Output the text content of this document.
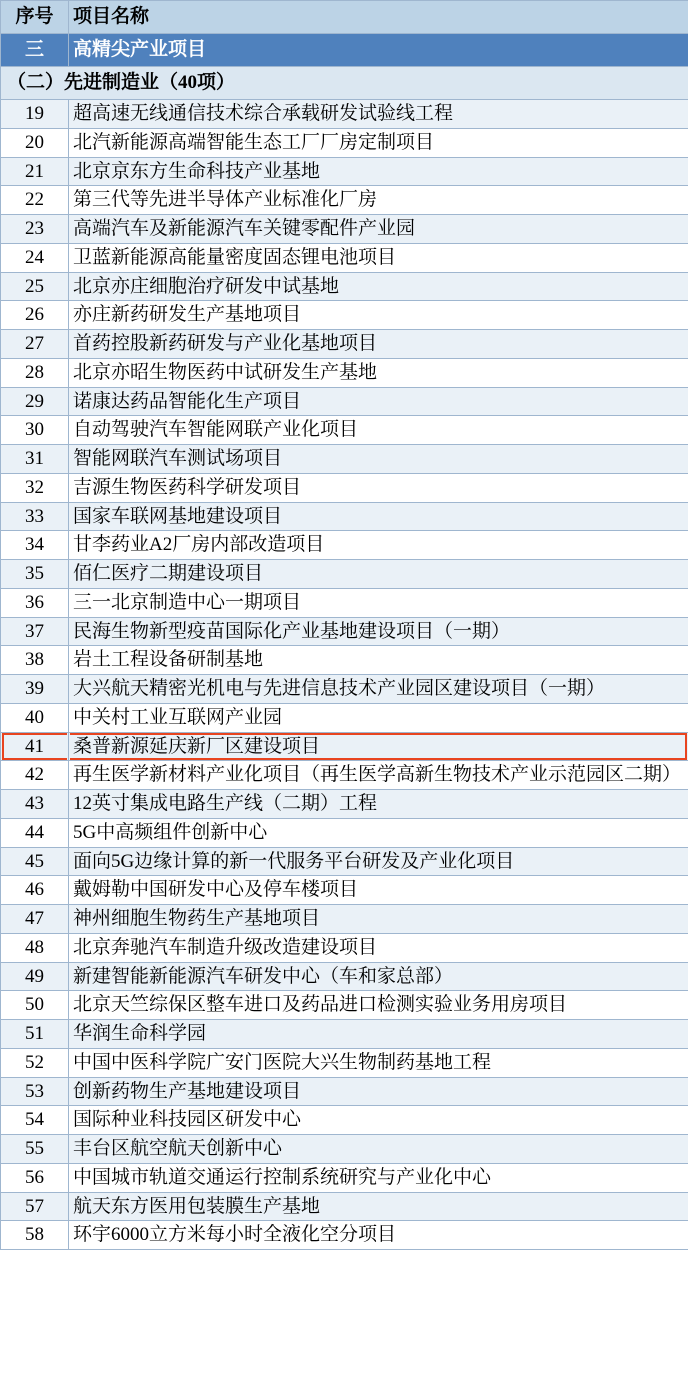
序号	项目名称
三	高精尖产业项目
（二）先进制造业（40项）	
19	超高速无线通信技术综合承载研发试验线工程
20	北汽新能源高端智能生态工厂厂房定制项目
21	北京京东方生命科技产业基地
22	第三代等先进半导体产业标准化厂房
23	高端汽车及新能源汽车关键零配件产业园
24	卫蓝新能源高能量密度固态锂电池项目
25	北京亦庄细胞治疗研发中试基地
26	亦庄新药研发生产基地项目
27	首药控股新药研发与产业化基地项目
28	北京亦昭生物医药中试研发生产基地
29	诺康达药品智能化生产项目
30	自动驾驶汽车智能网联产业化项目
31	智能网联汽车测试场项目
32	吉源生物医药科学研发项目
33	国家车联网基地建设项目
34	甘李药业A2厂房内部改造项目
35	佰仁医疗二期建设项目
36	三一北京制造中心一期项目
37	民海生物新型疫苗国际化产业基地建设项目（一期）
38	岩土工程设备研制基地
39	大兴航天精密光机电与先进信息技术产业园区建设项目（一期）
40	中关村工业互联网产业园
41	桑普新源延庆新厂区建设项目

42	再生医学新材料产业化项目（再生医学高新生物技术产业示范园区二期）
43	12英寸集成电路生产线（二期）工程
44	5G中高频组件创新中心
45	面向5G边缘计算的新一代服务平台研发及产业化项目
46	戴姆勒中国研发中心及停车楼项目
47	神州细胞生物药生产基地项目
48	北京奔驰汽车制造升级改造建设项目
49	新建智能新能源汽车研发中心（车和家总部）
50	北京天竺综保区整车进口及药品进口检测实验业务用房项目
51	华润生命科学园
52	中国中医科学院广安门医院大兴生物制药基地工程
53	创新药物生产基地建设项目
54	国际种业科技园区研发中心
55	丰台区航空航天创新中心
56	中国城市轨道交通运行控制系统研究与产业化中心
57	航天东方医用包装膜生产基地
58	环宇6000立方米每小时全液化空分项目
